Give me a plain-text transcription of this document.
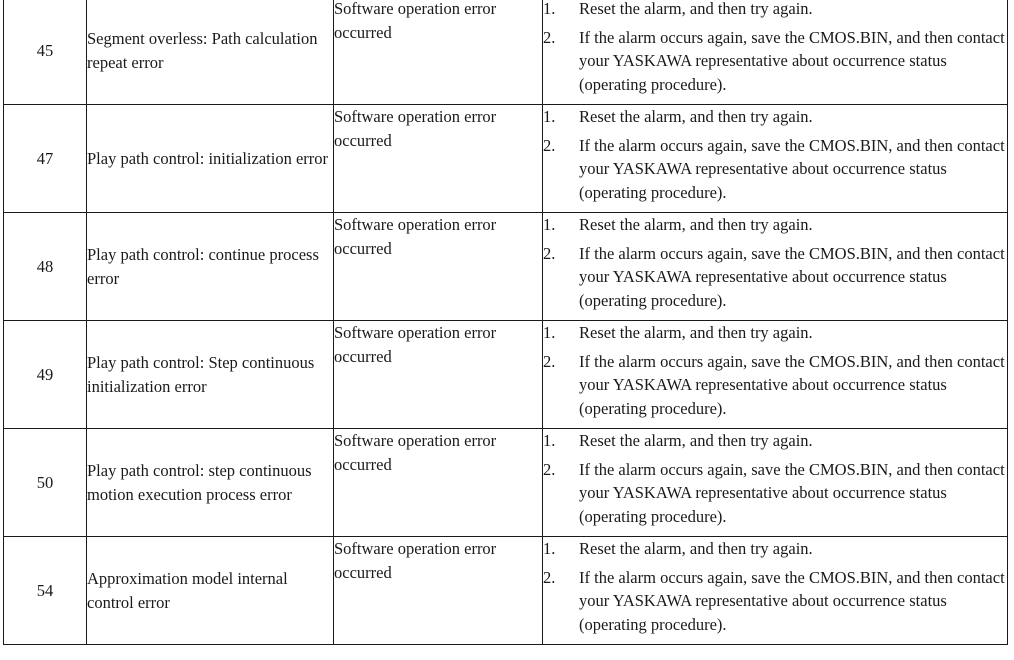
45	Segment overless: Path calculation repeat error	Software operation error occurred	1. Reset the alarm, and then try again.
2. If the alarm occurs again, save the CMOS.BIN, and then contact your YASKAWA representative about occurrence status (operating procedure).

47	Play path control: initialization error	Software operation error occurred	1. Reset the alarm, and then try again.
2. If the alarm occurs again, save the CMOS.BIN, and then contact your YASKAWA representative about occurrence status (operating procedure).

48	Play path control: continue process error	Software operation error occurred	1. Reset the alarm, and then try again.
2. If the alarm occurs again, save the CMOS.BIN, and then contact your YASKAWA representative about occurrence status (operating procedure).

49	Play path control: Step continuous initialization error	Software operation error occurred	1. Reset the alarm, and then try again.
2. If the alarm occurs again, save the CMOS.BIN, and then contact your YASKAWA representative about occurrence status (operating procedure).

50	Play path control: step continuous motion execution process error	Software operation error occurred	1. Reset the alarm, and then try again.
2. If the alarm occurs again, save the CMOS.BIN, and then contact your YASKAWA representative about occurrence status (operating procedure).

54	Approximation model internal control error	Software operation error occurred	1. Reset the alarm, and then try again.
2. If the alarm occurs again, save the CMOS.BIN, and then contact your YASKAWA representative about occurrence status (operating procedure).
